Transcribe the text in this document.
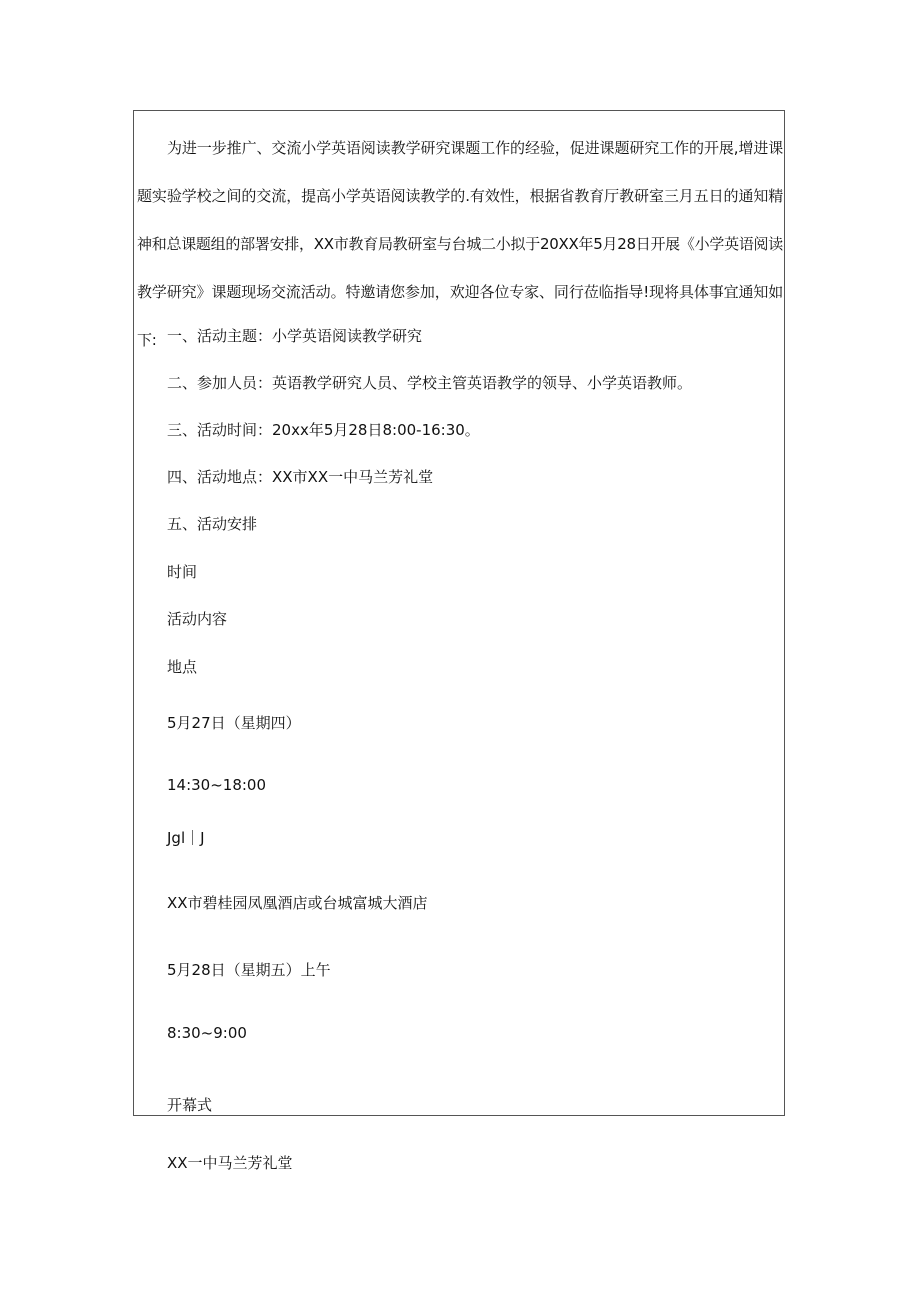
为进一步推广、交流小学英语阅读教学研究课题工作的经验，促进课题研究工作的开展,增进课题实验学校之间的交流，提高小学英语阅读教学的.有效性，根据省教育厅教研室三月五日的通知精神和总课题组的部署安排，XX市教育局教研室与台城二小拟于20XX年5月28日开展《小学英语阅读教学研究》课题现场交流活动。特邀请您参加，欢迎各位专家、同行莅临指导!现将具体事宜通知如下: 一、活动主题：小学英语阅读教学研究

二、参加人员：英语教学研究人员、学校主管英语教学的领导、小学英语教师。

三、活动时间：20xx年5月28日8:00-16:30。

四、活动地点：XX市XX一中马兰芳礼堂

五、活动安排

时间

活动内容

地点

5月27日（星期四）

14:30~18:00

Jgl｜J

XX市碧桂园凤凰酒店或台城富城大酒店

5月28日（星期五）上午

8:30~9:00

开幕式

XX一中马兰芳礼堂
